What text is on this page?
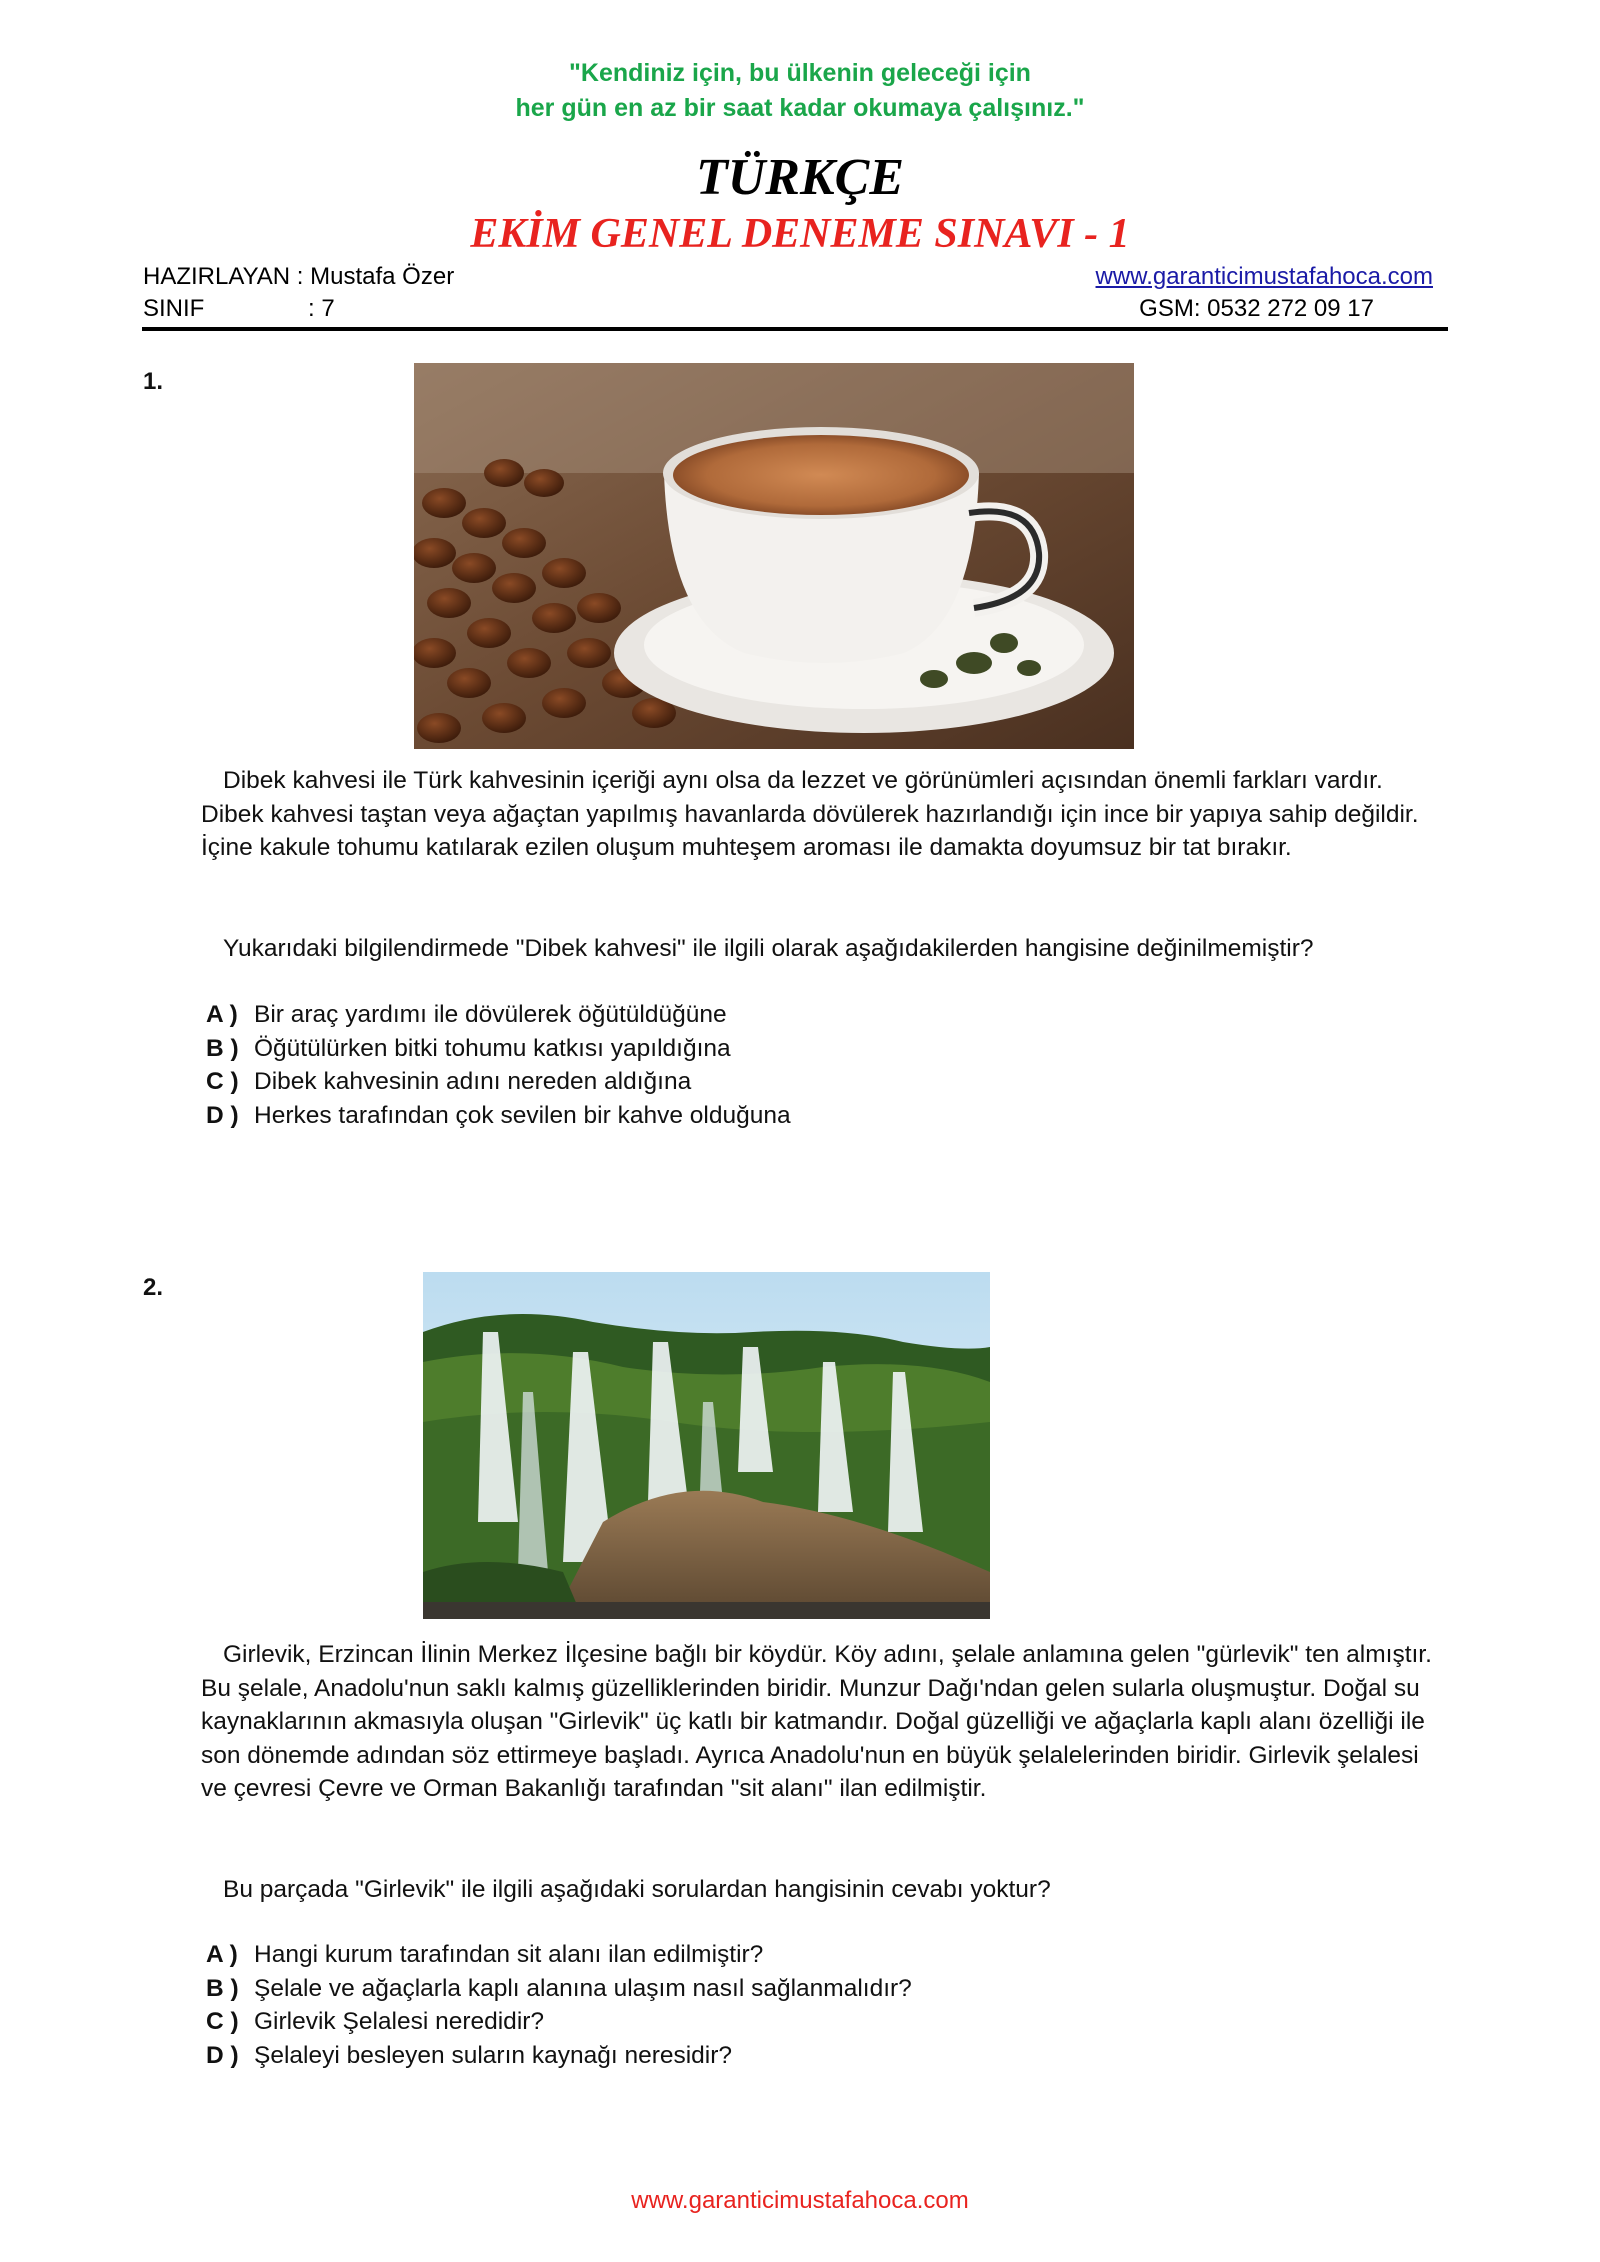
"Kendiniz için, bu ülkenin geleceği için
her gün en az bir saat kadar okumaya çalışınız."
TÜRKÇE
EKİM GENEL DENEME SINAVI - 1
HAZIRLAYAN : Mustafa Özer
SINIF	: 7
www.garanticimustafahoca.com
GSM: 0532 272 09 17
1.

Dibek kahvesi ile Türk kahvesinin içeriği aynı olsa da lezzet ve görünümleri açısından önemli farkları vardır. Dibek kahvesi taştan veya ağaçtan yapılmış havanlarda dövülerek hazırlandığı için ince bir yapıya sahip değildir. İçine kakule tohumu katılarak ezilen oluşum muhteşem aroması ile damakta doyumsuz bir tat bırakır.

Yukarıdaki bilgilendirmede "Dibek kahvesi" ile ilgili olarak aşağıdakilerden hangisine değinilmemiştir?
A ) Bir araç yardımı ile dövülerek öğütüldüğüne
B ) Öğütülürken bitki tohumu katkısı yapıldığına
C ) Dibek kahvesinin adını nereden aldığına
D ) Herkes tarafından çok sevilen bir kahve olduğuna
2.

Girlevik, Erzincan İlinin Merkez İlçesine bağlı bir köydür. Köy adını, şelale anlamına gelen "gürlevik" ten almıştır. Bu şelale, Anadolu'nun saklı kalmış güzelliklerinden biridir. Munzur Dağı'ndan gelen sularla oluşmuştur. Doğal su kaynaklarının akmasıyla oluşan "Girlevik" üç katlı bir katmandır. Doğal güzelliği ve ağaçlarla kaplı alanı özelliği ile son dönemde adından söz ettirmeye başladı. Ayrıca Anadolu'nun en büyük şelalelerinden biridir. Girlevik şelalesi ve çevresi Çevre ve Orman Bakanlığı tarafından "sit alanı" ilan edilmiştir.

Bu parçada "Girlevik" ile ilgili aşağıdaki sorulardan hangisinin cevabı yoktur?
A ) Hangi kurum tarafından sit alanı ilan edilmiştir?
B ) Şelale ve ağaçlarla kaplı alanına ulaşım nasıl sağlanmalıdır?
C ) Girlevik Şelalesi neredidir?
D ) Şelaleyi besleyen suların kaynağı neresidir?
www.garanticimustafahoca.com
